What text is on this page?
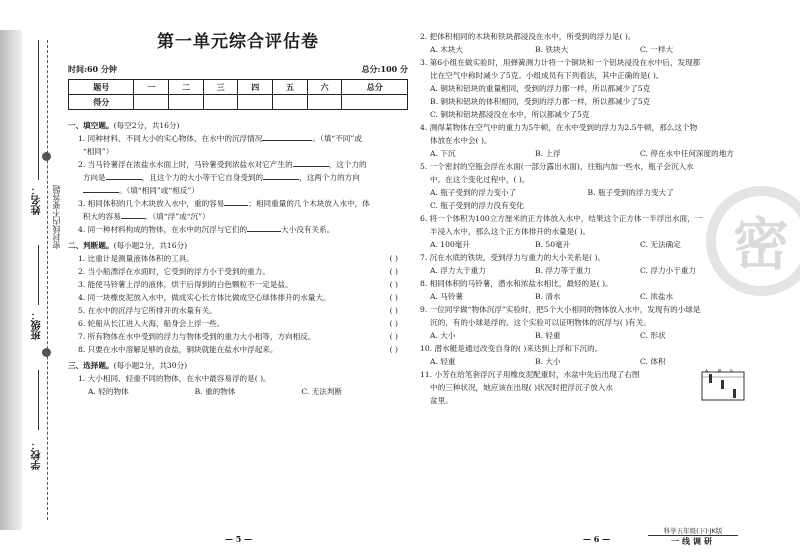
姓名：
班级：
学校：
密封线内不要答题
第一单元综合评估卷
时间:60 分钟	总分:100 分
题号	一	二	三	四	五	六	总分
得分							
一、填空题。(每空2分，共16分)
1. 同种材料、不同大小的实心物体，在水中的沉浮情况	。（填“不同”或
“相同”）
2. 当马铃薯浮在浓盐水水面上时，马铃薯受到浓盐水对它产生的	，这个力的
方向是	，且这个力的大小等于它自身受到的	，这两个力的方向
。（填“相同”或“相反”）
3. 相同体积的几个木块放入水中，重的容易	；相同重量的几个木块放入水中，体
积大的容易	。（填“浮”或“沉”）
4. 同一种材料构成的物体，在水中的沉浮与它们的	大小没有关系。
二、判断题。(每小题2分，共16分)
1. 比重计是测量液体体积的工具。	( )
2. 当小船漂浮在水面时，它受到的浮力小于受到的重力。	( )
3. 能使马铃薯上浮的液体，烘干后得到的白色颗粒不一定是盐。	( )
4. 同一块橡皮泥放入水中，做成实心长方体比做成空心球体排开的水量大。	( )
5. 在水中的沉浮与它所排开的水量有关。	( )
6. 轮船从长江进入大海，船身会上浮一些。	( )
7. 所有物体在水中受到的浮力与物体受到的重力大小相等，方向相反。	( )
8. 只要在水中溶解足够的食盐，铜块就能在盐水中浮起来。	( )
三、选择题。(每小题2分，共30分)
1. 大小相同、轻重不同的物体，在水中最容易浮的是( )。
A. 轻的物体	B. 重的物体	C. 无法判断
— 5 —
2. 把体积相同的木块和铁块都浸没在水中，所受到的浮力是( )。
A. 木块大	B. 铁块大	C. 一样大
3. 第6小组在做实验时，用弹簧测力计将一个铜块和一个铝块浸没在水中后，发现都
比在空气中称时减少了5克。小组成员有下列看法，其中正确的是( )。
A. 铜块和铝块的重量相同，受到的浮力都一样，所以都减少了5克
B. 铜块和铝块的体积相同，受到的浮力都一样，所以都减少了5克
C. 铜块和铝块都浸没在水中，所以都减少了5克
4. 测得某物体在空气中的重力为5牛顿，在水中受到的浮力为2.5牛顿，那么这个物
体放在水中会( )。
A. 下沉	B. 上浮	C. 停在水中任何深度的地方
5. 一个密封的空瓶会浮在水面(一部分露出水面)，往瓶内加一些水，瓶子会沉入水
中。在这个变化过程中，( )。
A. 瓶子受到的浮力变小了	B. 瓶子受到的浮力变大了
C. 瓶子受到的浮力没有变化
6. 将一个体积为100立方厘米的正方体放入水中，结果这个正方体一半浮出水面，一
半浸入水中，那么这个正方体排开的水量是( )。
A. 100毫升	B. 50毫升	C. 无法确定
7. 沉在水底的铁块，受到浮力与重力的大小关系是( )。
A. 浮力大于重力	B. 浮力等于重力	C. 浮力小于重力
8. 相同体积的马铃薯，潜水和浓盐水相比，最轻的是( )。
A. 马铃薯	B. 清水	C. 浓盐水
9. 一位同学做“物体沉浮”实验时，把5个大小相同的物体放入水中，发现有的小球是
沉的，有的小球是浮的。这个实验可以证明物体的沉浮与( )有关。
A. 大小	B. 轻重	C. 形状
10. 潜水艇是通过改变自身的( )来达到上浮和下沉的。
A. 轻重	B. 大小	C. 体积
11. 小芳在给笔套浮沉子用橡皮泥配重时，水盆中先后出现了右图
中的三种状况，她应该在出现( )状况时把浮沉子放入水
盆里。
A	B C
— 6 —
密
科学五年级(下)·JK版
一线调研
